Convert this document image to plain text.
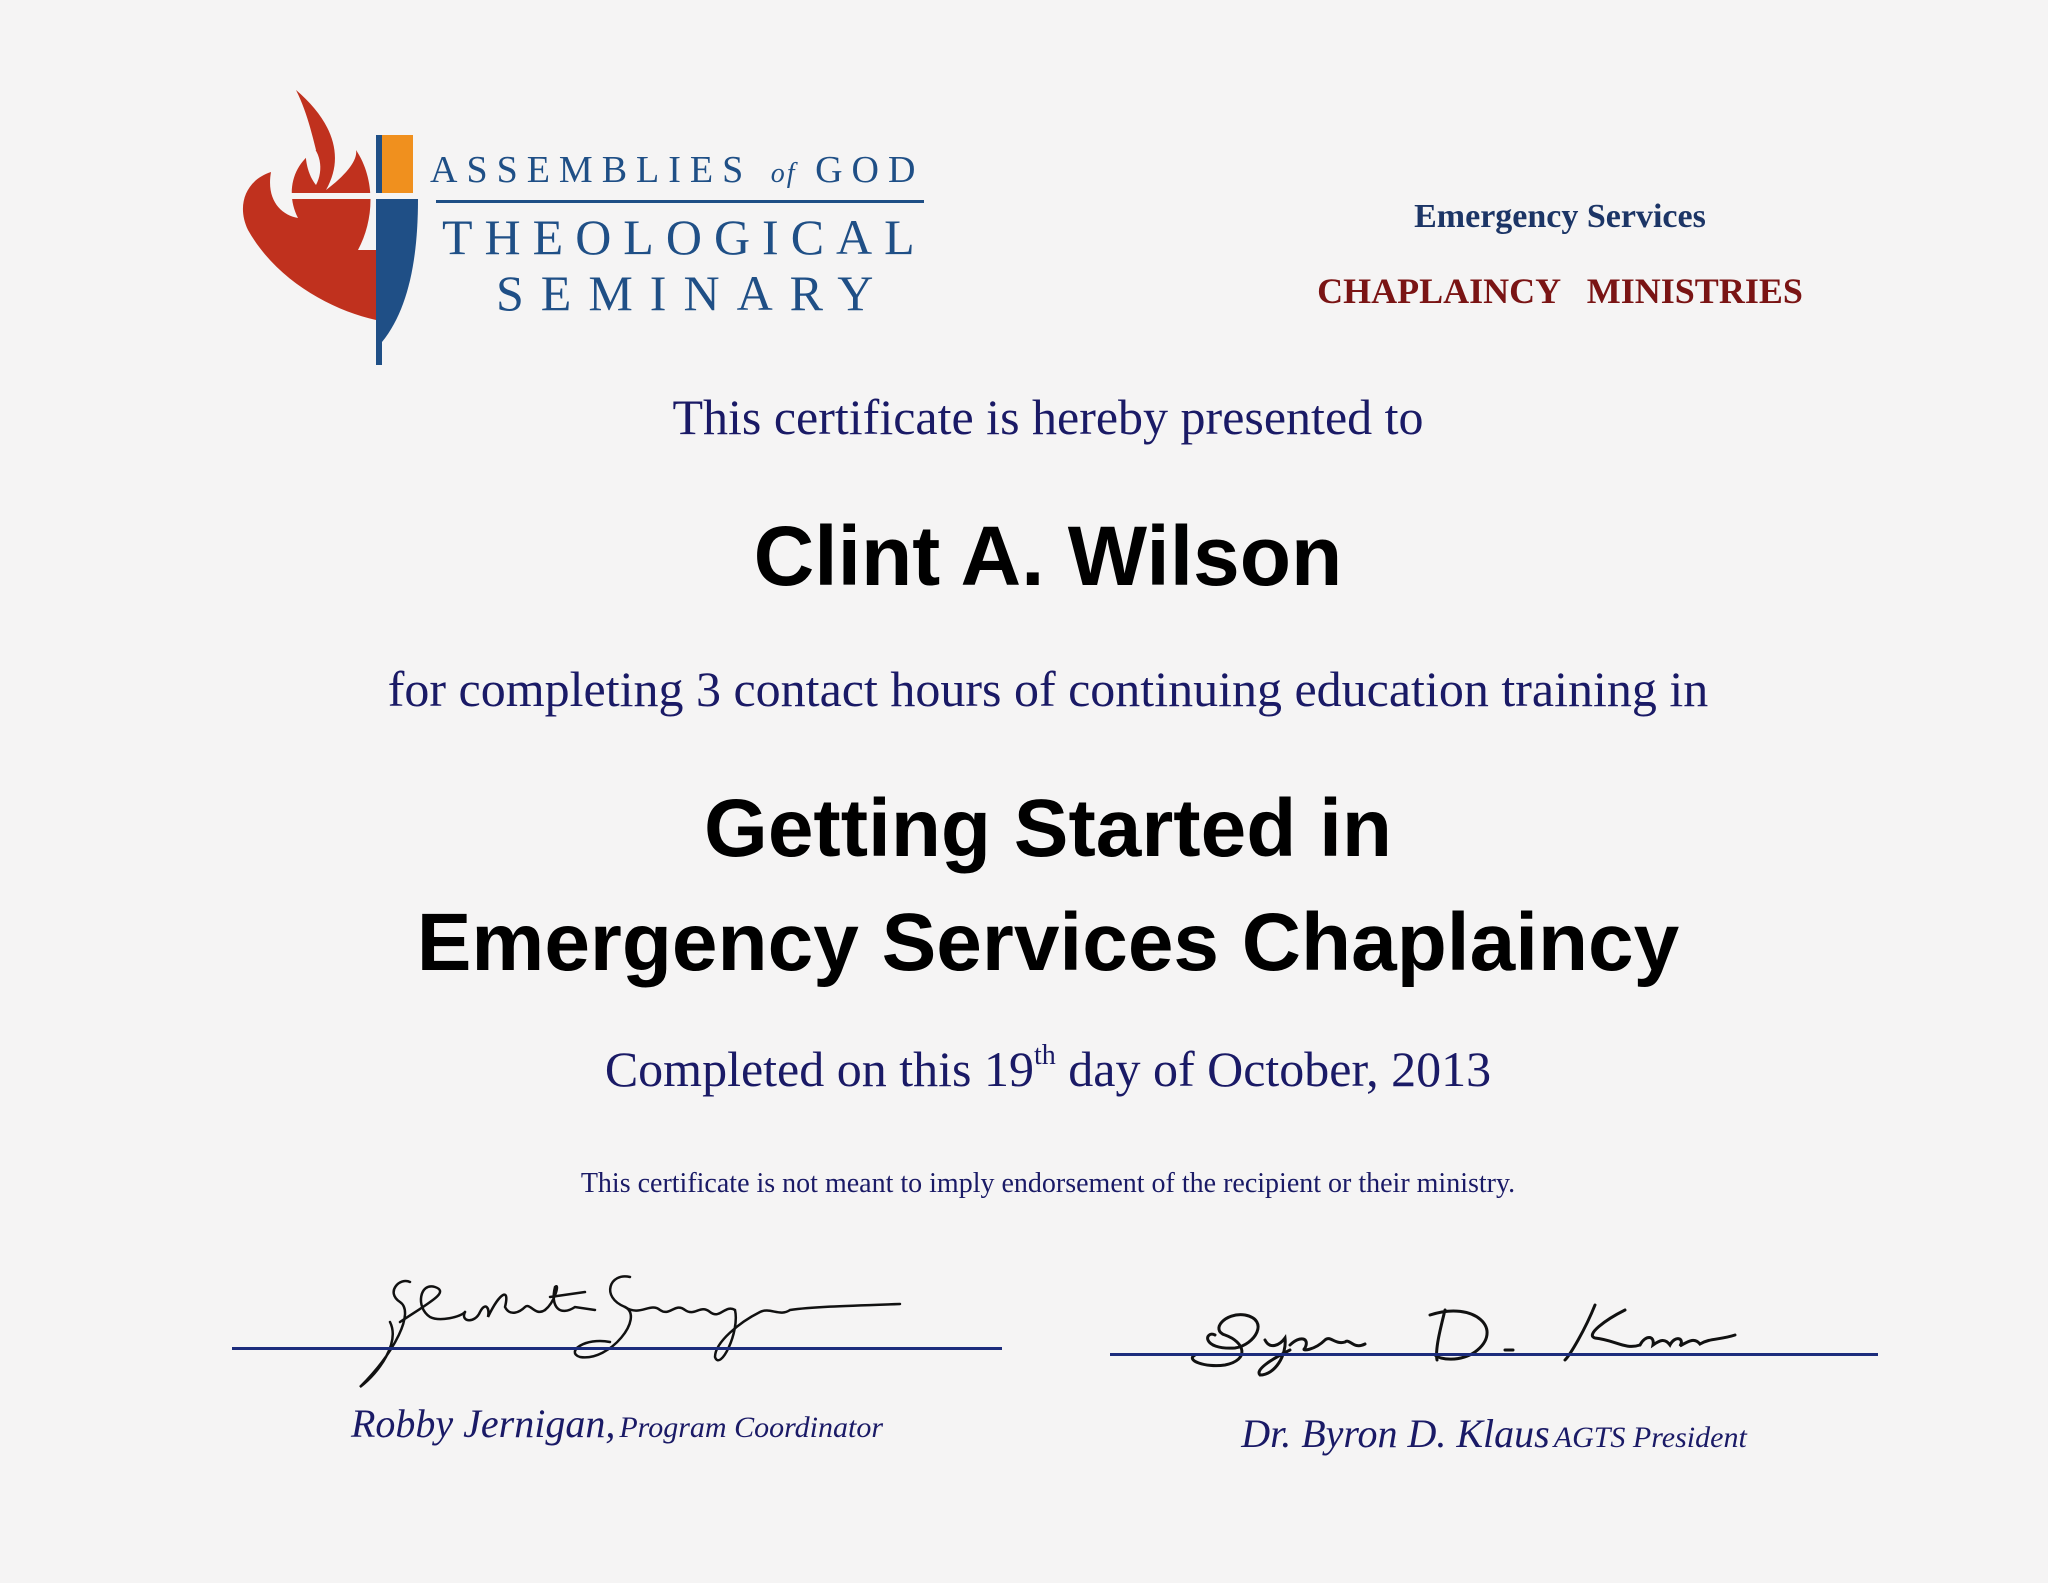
ASSEMBLIES of GOD
THEOLOGICAL
SEMINARY
Emergency Services
CHAPLAINCY   MINISTRIES
This certificate is hereby presented to
Clint A. Wilson
for completing 3 contact hours of continuing education training in
Getting Started in
Emergency Services Chaplaincy
Completed on this 19th day of October, 2013
This certificate is not meant to imply endorsement of the recipient or their ministry.
Robby Jernigan, Program Coordinator	Dr. Byron D. Klaus AGTS President
